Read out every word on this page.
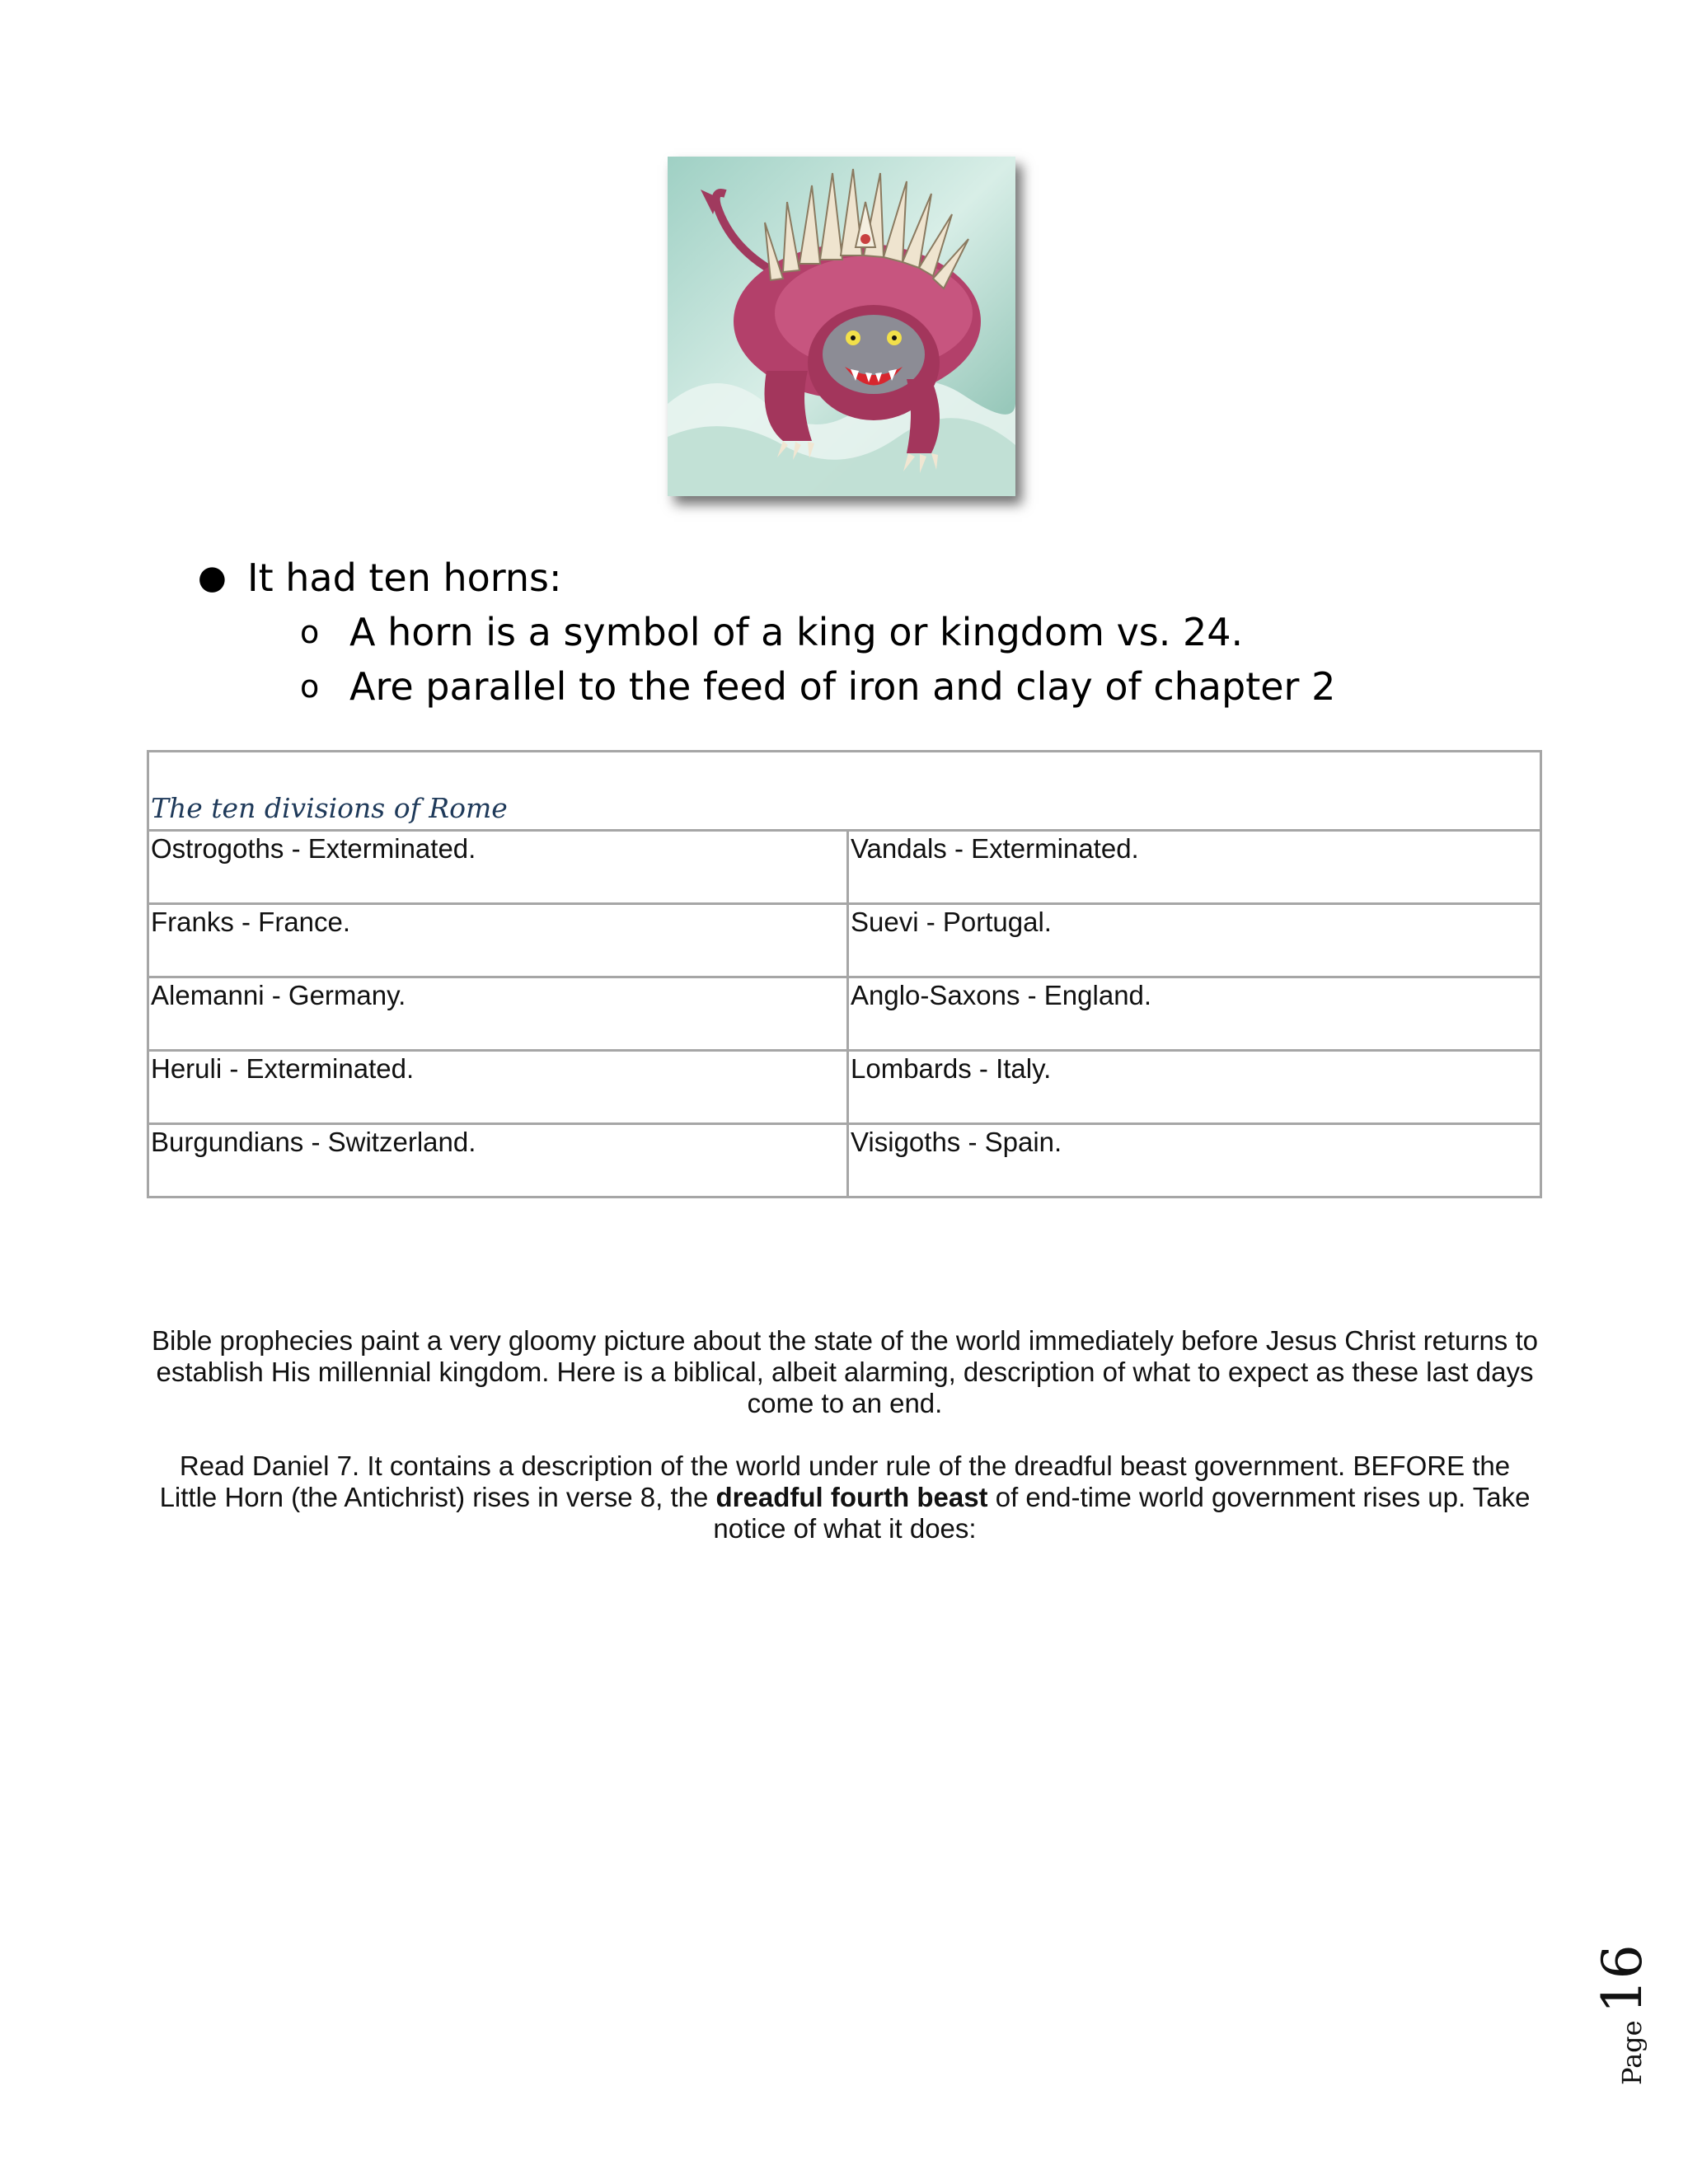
● It had ten horns:
o A horn is a symbol of a king or kingdom vs. 24.
o Are parallel to the feed of iron and clay of chapter 2
The ten divisions of Rome	
Ostrogoths - Exterminated.	Vandals - Exterminated.
Franks - France.	Suevi - Portugal.
Alemanni - Germany.	Anglo-Saxons - England.
Heruli - Exterminated.	Lombards - Italy.
Burgundians - Switzerland.	Visigoths - Spain.

Bible prophecies paint a very gloomy picture about the state of the world immediately before Jesus Christ returns to establish His millennial kingdom. Here is a biblical, albeit alarming, description of what to expect as these last days come to an end.

Read Daniel 7. It contains a description of the world under rule of the dreadful beast government. BEFORE the Little Horn (the Antichrist) rises in verse 8, the dreadful fourth beast of end-time world government rises up. Take notice of what it does:

Page16
